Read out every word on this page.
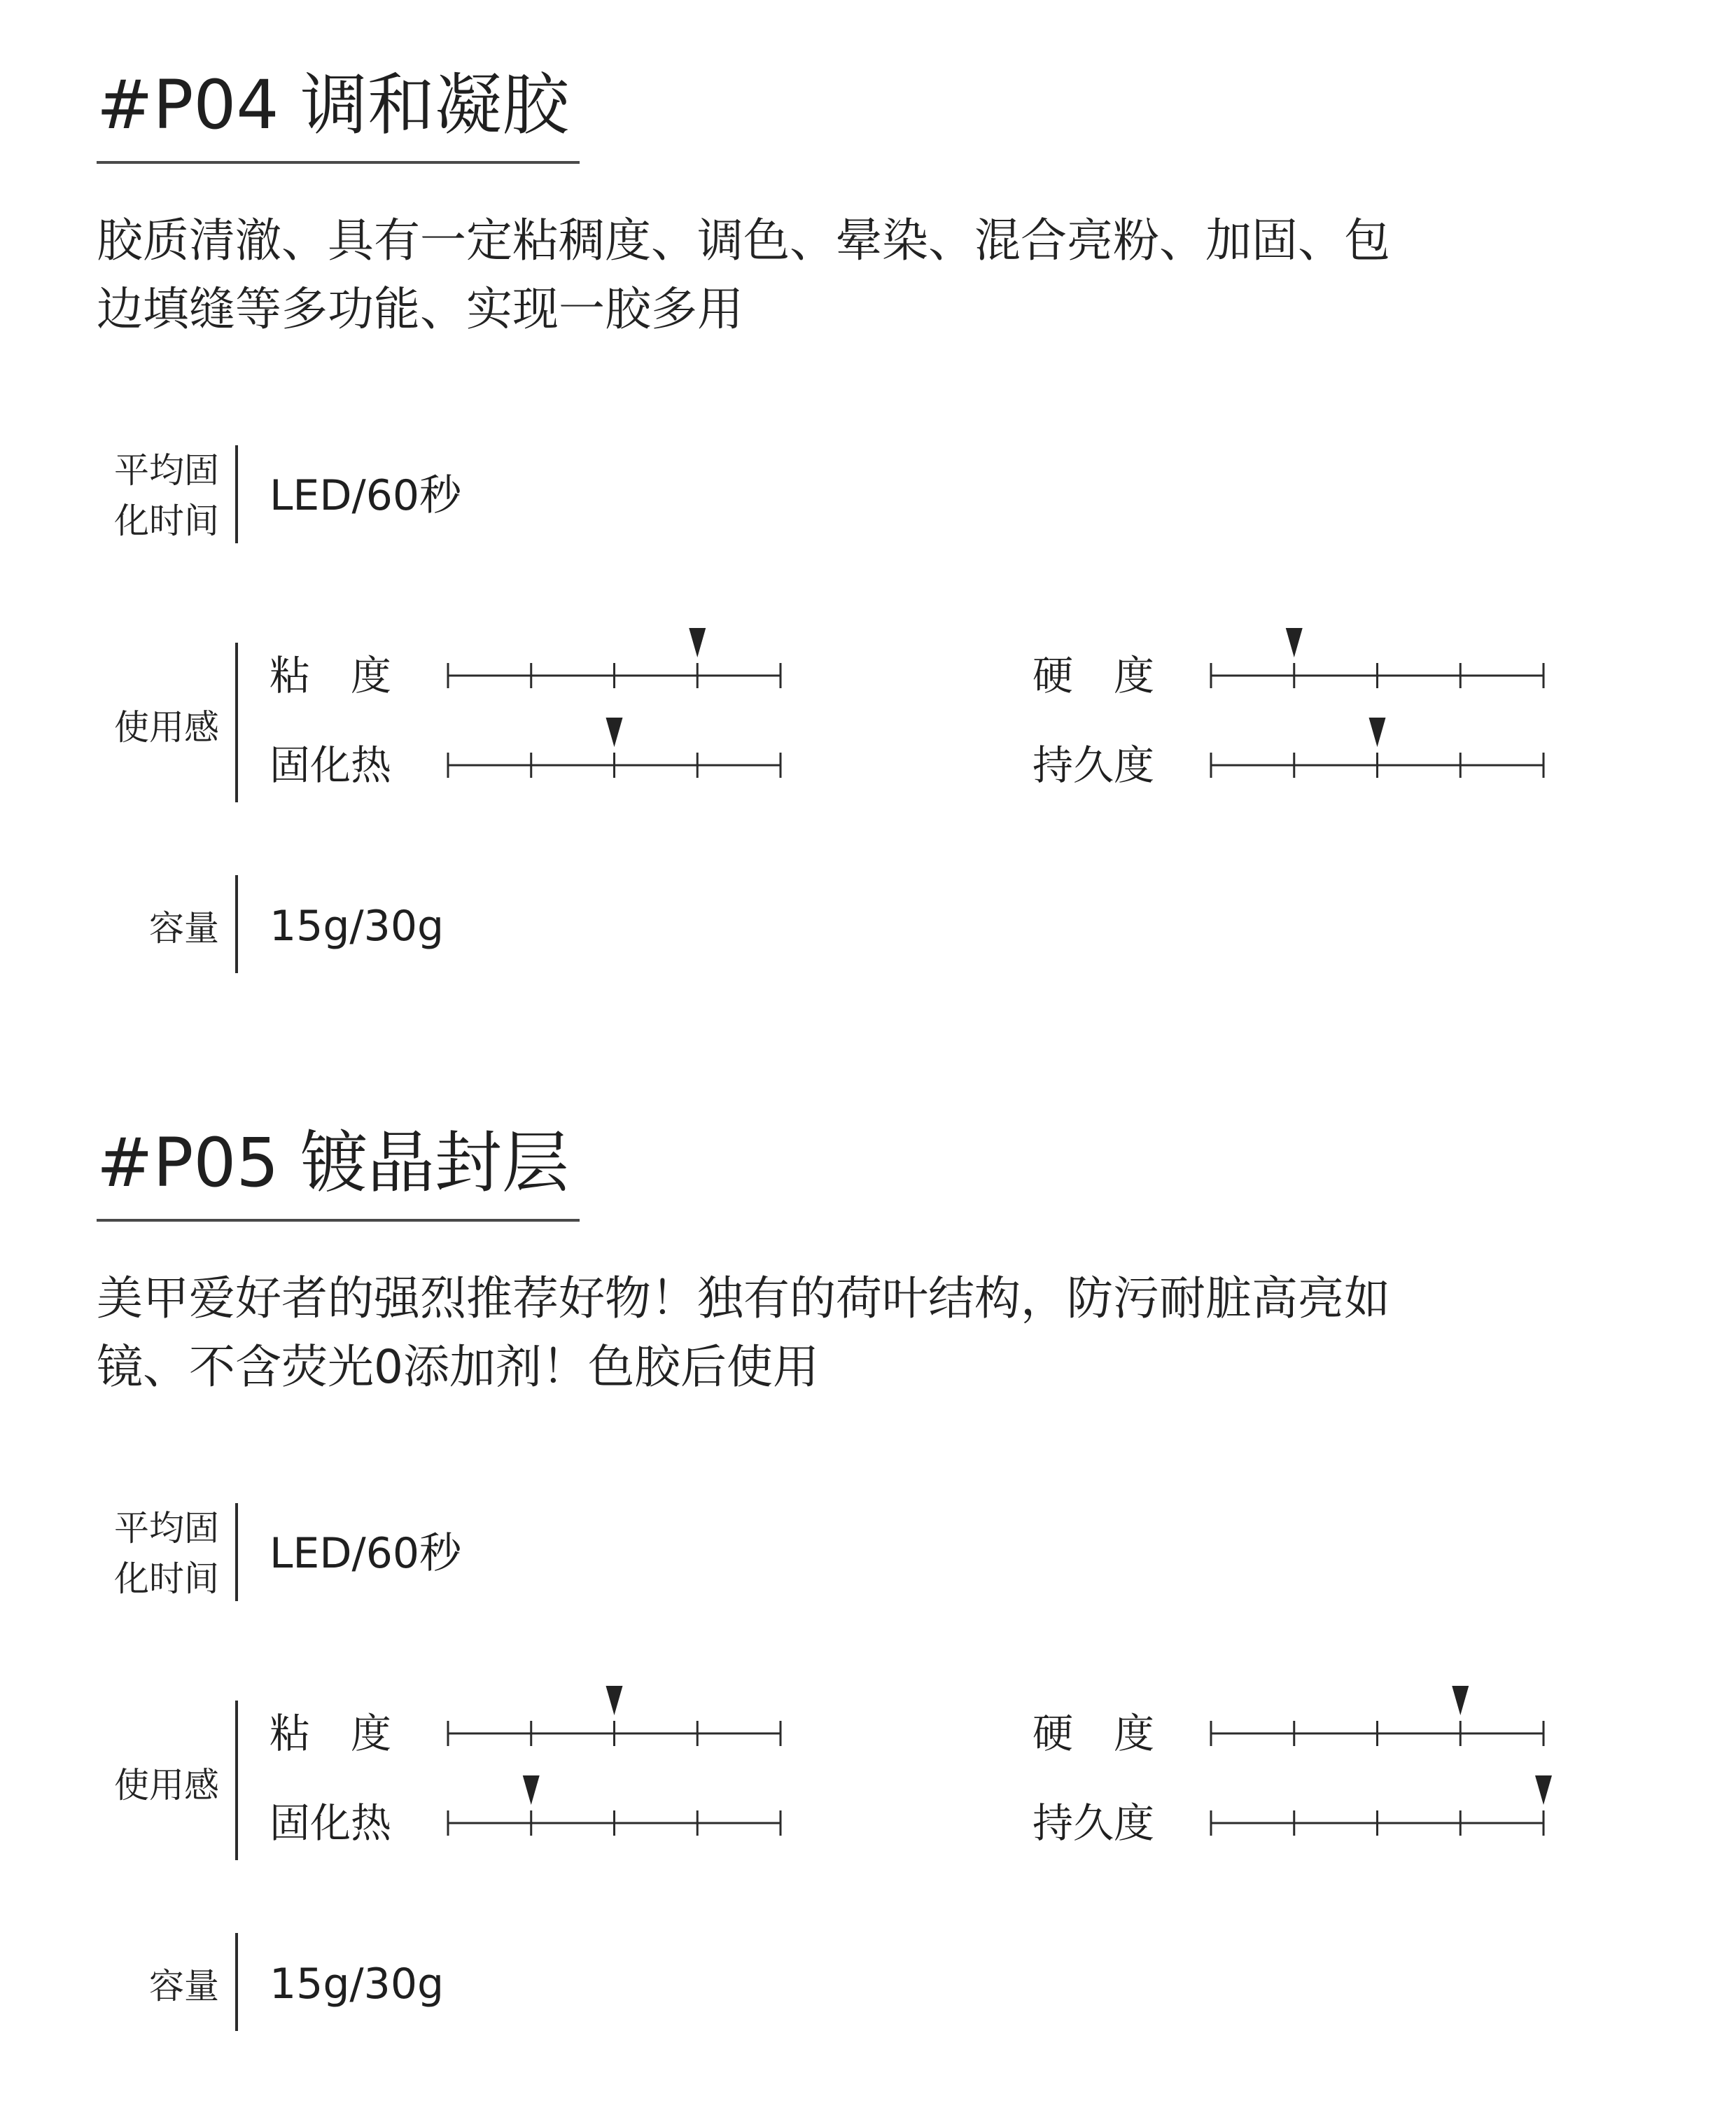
#P04 调和凝胶
胶质清澈、具有一定粘稠度、调色、晕染、混合亮粉、加固、包
边填缝等多功能、实现一胶多用
平均固
化时间
LED/60秒
使用感
粘　度
固化热
硬　度
持久度
容量 15g/30g
#P05 镀晶封层
美甲爱好者的强烈推荐好物！独有的荷叶结构，防污耐脏高亮如
镜、不含荧光0添加剂！色胶后使用
平均固
化时间
LED/60秒
使用感
粘　度
固化热
硬　度
持久度
容量 15g/30g
